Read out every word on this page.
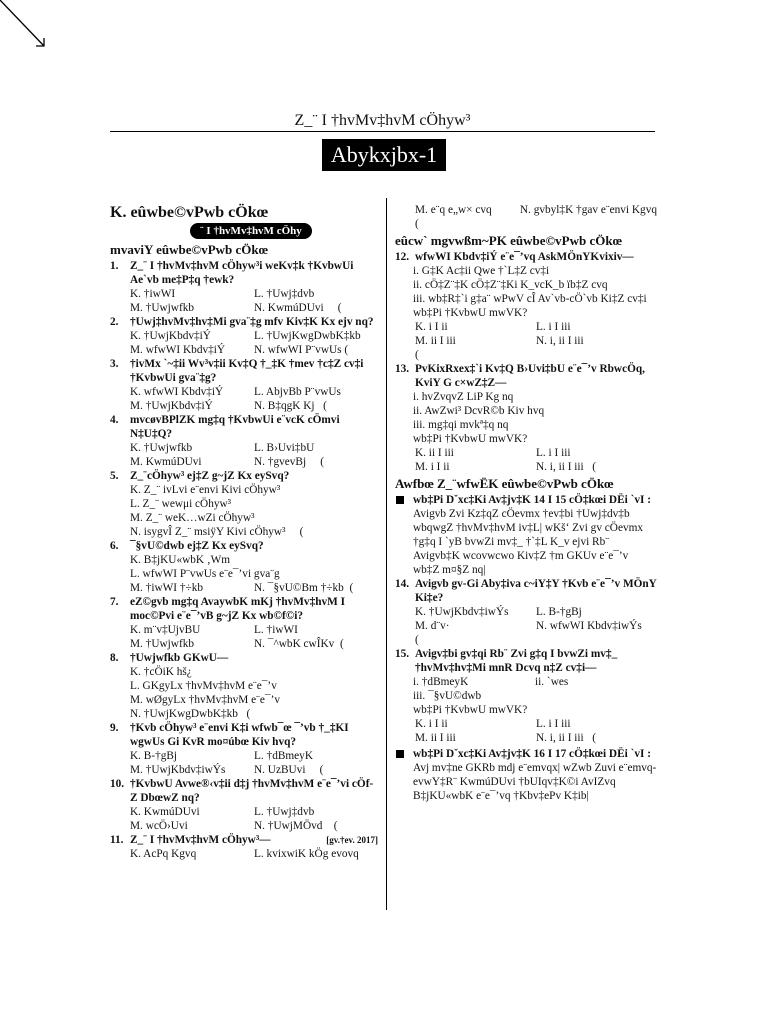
Z_¨ I †hvMv‡hvM cÖhyw³
Abykxjbx-1
K. eûwbe©vPwb cÖkœ
¨ I †hvMv‡hvM cÖhy
mvaviY eûwbe©vPwb cÖkœ
1.	Z_¨ I †hvMv‡hvM cÖhyw³i weKv‡k †KvbwUi Ae`vb me‡P‡q †ewk?
K. †iwWI	L. †Uwj‡dvb
M. †Uwjwfkb	N. KwmúDUvi (
2.	†Uwj‡hvMv‡hv‡Mi gva¨‡g mfv Kiv‡K Kx ejv nq?
K. †UwjKbdv‡iÝ	L. †UwjKwgDwbK‡kb
M. wfwWI Kbdv‡iÝ	N. wfwWI P¨vwUs (
3.	†ivMx `~‡ii Wv³v‡ii Kv‡Q †_‡K †mev †c‡Z cv‡i †KvbwUi gva¨‡g?
K. wfwWI Kbdv‡iÝ	L. AbjvBb P¨vwUs
M. †UwjKbdv‡iÝ	N. B‡qgK Kj (
4.	mvcøvBPlZK mg‡q †KvbwUi e¨vcK cÖmvi N‡U‡Q?
K. †Uwjwfkb	L. B›Uvi‡bU
M. KwmúDUvi	N. †gvevBj (
5.	Z_¨cÖhyw³ ej‡Z g~jZ Kx eySvq?
K. Z_¨ ivLvi e¨envi Kivi cÖhyw³
L. Z_¨ wewμi cÖhyw³
M. Z_¨ weK…wZi cÖhyw³
N. isygvÎ Z_¨ msiÿY Kivi cÖhyw³ (
6.	¯§vU©dwb ej‡Z Kx eySvq?
K. B‡jKU«wbK ‚Wm
L. wfwWI P¨vwUs e¨e¯’vi gva¨g
M. †iwWI †÷kb	N. ¯§vU©Bm †÷kb (
7.	eZ©gvb mg‡q AvaywbK mKj †hvMv‡hvM I moc©Pvi e¨e¯’vB g~jZ Kx wb©f©i?
K. m¨v‡UjvBU	L. †iwWI
M. †Uwjwfkb	N. ¯^wbK cwÎKv (
8.	†Uwjwfkb GKwU—
K. †cÖiK hš¿
L. GKgyLx †hvMv‡hvM e¨e¯’v
M. wØgyLx †hvMv‡hvM e¨e¯’v
N. †UwjKwgDwbK‡kb (
9.	†Kvb cÖhyw³ e¨envi K‡i wfwb¯œ ¯’vb †_‡KI wgwUs Gi KvR mo¤úbœ Kiv hvq?
K. B-†gBj	L. †dBmeyK
M. †UwjKbdv‡iwÝs	N. UzBUvi (
10. †KvbwU Avwe®‹v‡ii d‡j †hvMv‡hvM e¨e¯’vi cÖf-Z DbœwZ nq?
K. KwmúDUvi	L. †Uwj‡dvb
M. wcÖ›Uvi	N. †UwjMÖvd (
11. Z_¨ I †hvMv‡hvM cÖhyw³—	[gv.†ev. 2017]
K. AcPq Kgvq	L. kvixwiK kÖg evovq
M. e¨q e„w× cvq	N. gvbyl‡K †gav e¨envi Kgvq
(
eûcw` mgvwßm~PK eûwbe©vPwb cÖkœ
12. wfwWI Kbdv‡iÝ e¨e¯’vq AskMÖnYKvixiv—
i. G‡K Ac‡ii Qwe †`L‡Z cv‡i
ii. cÖ‡Z¨‡K cÖ‡Z¨‡Ki K_vcK_b ïb‡Z cvq
iii. wb‡R‡`i g‡a¨ wPwV cÎ Av`vb-cÖ`vb Ki‡Z cv‡i
wb‡Pi †KvbwU mwVK?
K. i I ii	L. i I iii
M. ii I iii	N. i, ii I iii
(
13. PvKixRxex‡`i Kv‡Q B›Uvi‡bU e¨e¯’v RbwcÖq, KviY G c×wZ‡Z—
i. hvZvqvZ LiP Kg nq
ii. AwZwi³ DcvR©b Kiv hvq
iii. mg‡qi mvkª‡q nq
wb‡Pi †KvbwU mwVK?
K. ii I iii	L. i I iii
M. i I ii	N. i, ii I iii (
Awfbœ Z_¨wfwËK eûwbe©vPwb cÖkœ
wb‡Pi Dˇxc‡Ki Av‡jv‡K 14 I 15 cÖ‡kœi DËi `vI :

Avigvb Zvi Kz‡qZ cÖevmx †ev‡bi †Uwj‡dv‡b wbqwgZ †hvMv‡hvM iv‡L| wKš‘ Zvi gv cÖevmx †g‡q I `yB bvwZi mv‡_ †`‡L K_v ejvi Rb¨ Avigvb‡K wcovwcwo Kiv‡Z †m GKUv e¨e¯’v wb‡Z m¤§Z nq|

14. Avigvb gv-Gi Aby‡iva c~iY‡Y †Kvb e¨e¯’v MÖnY Ki‡e?
K. †UwjKbdv‡iwÝs	L. B-†gBj
M. d¨v·	N. wfwWI Kbdv‡iwÝs
(
15. Avigv‡bi gv‡qi Rb¨ Zvi g‡q I bvwZi mv‡_ †hvMv‡hv‡Mi mnR Dcvq n‡Z cv‡i—
i. †dBmeyK	ii. `wes
iii. ¯§vU©dwb
wb‡Pi †KvbwU mwVK?
K. i I ii	L. i I iii
M. ii I iii	N. i, ii I iii (
wb‡Pi Dˇxc‡Ki Av‡jv‡K 16 I 17 cÖ‡kœi DËi `vI :

Avj mv‡ne GKRb mdj e¨emvqx| wZwb Zuvi e¨emvq-evwY‡R¨ KwmúDUvi †bUIqv‡K©i AvIZvq B‡jKU«wbK e¨e¯’vq †Kbv‡ePv K‡ib|
